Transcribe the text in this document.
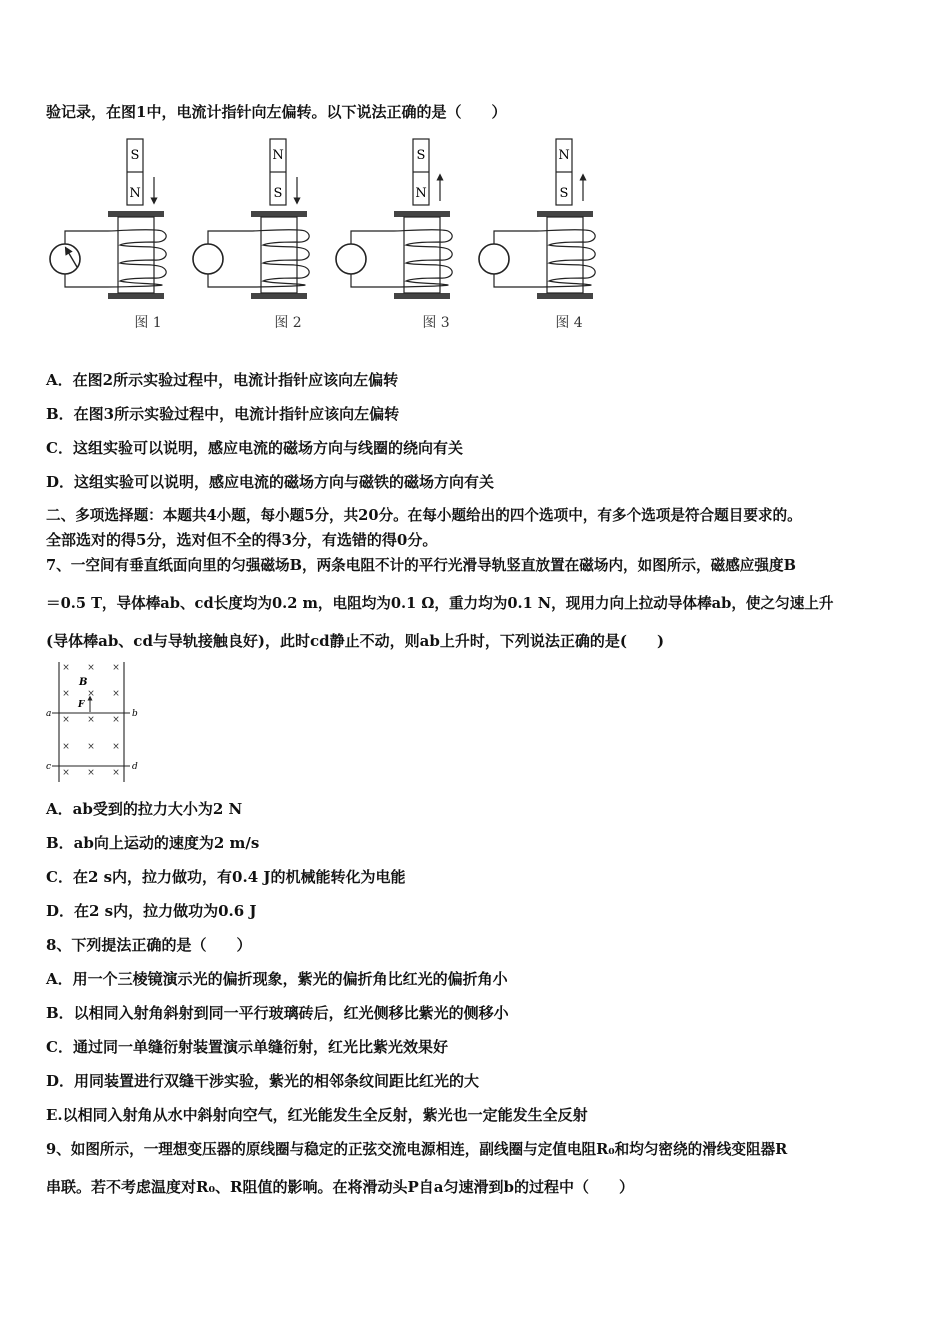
验记录，在图1中，电流计指针向左偏转。以下说法正确的是（　　）
S
N
图 1
N
S
图 2
S
N
图 3
N
S
图 4
A．在图2所示实验过程中，电流计指针应该向左偏转
B．在图3所示实验过程中，电流计指针应该向左偏转
C．这组实验可以说明，感应电流的磁场方向与线圈的绕向有关
D．这组实验可以说明，感应电流的磁场方向与磁铁的磁场方向有关
二、多项选择题：本题共4小题，每小题5分，共20分。在每小题给出的四个选项中，有多个选项是符合题目要求的。
全部选对的得5分，选对但不全的得3分，有选错的得0分。
7、一空间有垂直纸面向里的匀强磁场B，两条电阻不计的平行光滑导轨竖直放置在磁场内，如图所示，磁感应强度B
＝0.5 T，导体棒ab、cd长度均为0.2 m，电阻均为0.1 Ω，重力均为0.1 N，现用力向上拉动导体棒ab，使之匀速上升
(导体棒ab、cd与导轨接触良好)，此时cd静止不动，则ab上升时，下列说法正确的是(　　)
× × ×
× × ×
× × ×
× × ×
× × ×
B
F
a	b
c	d
A．ab受到的拉力大小为2 N
B．ab向上运动的速度为2 m/s
C．在2 s内，拉力做功，有0.4 J的机械能转化为电能
D．在2 s内，拉力做功为0.6 J
8、下列提法正确的是（　　）
A．用一个三棱镜演示光的偏折现象，紫光的偏折角比红光的偏折角小
B．以相同入射角斜射到同一平行玻璃砖后，红光侧移比紫光的侧移小
C．通过同一单缝衍射装置演示单缝衍射，红光比紫光效果好
D．用同装置进行双缝干涉实验，紫光的相邻条纹间距比红光的大
E.以相同入射角从水中斜射向空气，红光能发生全反射，紫光也一定能发生全反射
9、如图所示，一理想变压器的原线圈与稳定的正弦交流电源相连，副线圈与定值电阻R₀和均匀密绕的滑线变阻器R
串联。若不考虑温度对R₀、R阻值的影响。在将滑动头P自a匀速滑到b的过程中（　　）
